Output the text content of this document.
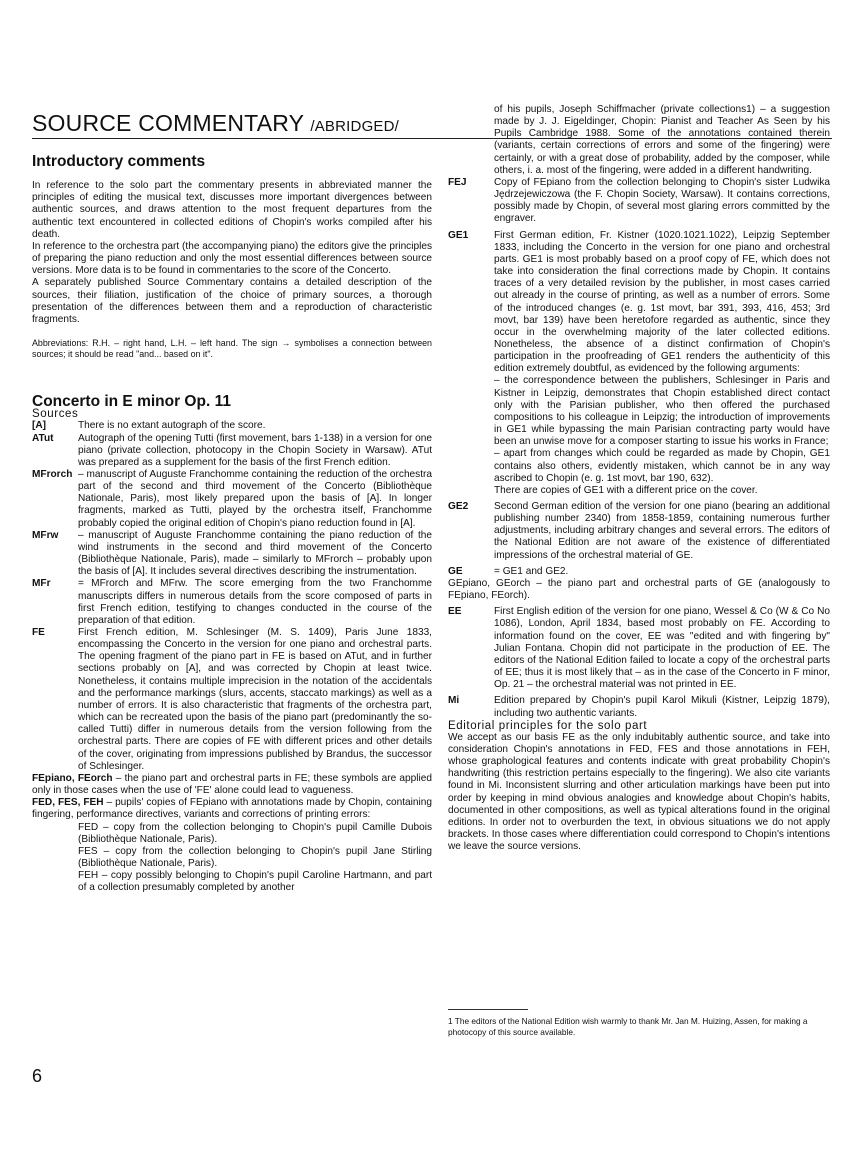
SOURCE COMMENTARY /ABRIDGED/
Introductory comments

In reference to the solo part the commentary presents in abbreviated manner the principles of editing the musical text, discusses more important divergences between authentic sources, and draws attention to the most frequent departures from the authentic text encountered in collected editions of Chopin's works compiled after his death.

In reference to the orchestra part (the accompanying piano) the editors give the principles of preparing the piano reduction and only the most essential differences between source versions. More data is to be found in commentaries to the score of the Concerto.

A separately published Source Commentary contains a detailed description of the sources, their filiation, justification of the choice of primary sources, a thorough presentation of the differences between them and a reproduction of characteristic fragments.

Abbreviations: R.H. – right hand, L.H. – left hand. The sign → symbolises a connection between sources; it should be read "and... based on it".

Concerto in E minor Op. 11

Sources

[A]	There is no extant autograph of the score.
ATut	Autograph of the opening Tutti (first movement, bars 1-138) in a version for one piano (private collection, photocopy in the Chopin Society in Warsaw). ATut was prepared as a supplement for the basis of the first French edition.
MFrorch – manuscript of Auguste Franchomme containing the reduction of the orchestra part of the second and third movement of the Concerto (Bibliothèque Nationale, Paris), most likely prepared upon the basis of [A]. In longer fragments, marked as Tutti, played by the orchestra itself, Franchomme probably copied the original edition of Chopin's piano reduction found in [A].
MFrw	– manuscript of Auguste Franchomme containing the piano reduction of the wind instruments in the second and third movement of the Concerto (Bibliothèque Nationale, Paris), made – similarly to MFrorch – probably upon the basis of [A]. It includes several directives describing the instrumentation.
MFr	= MFrorch and MFrw. The score emerging from the two Franchomme manuscripts differs in numerous details from the score composed of parts in first French edition, testifying to changes conducted in the course of the preparation of that edition.
FE	First French edition, M. Schlesinger (M. S. 1409), Paris June 1833, encompassing the Concerto in the version for one piano and orchestral parts. The opening fragment of the piano part in FE is based on ATut, and in further sections probably on [A], and was corrected by Chopin at least twice. Nonetheless, it contains multiple imprecision in the notation of the accidentals and the performance markings (slurs, accents, staccato markings) as well as a number of errors. It is also characteristic that fragments of the orchestra part, which can be recreated upon the basis of the piano part (predominantly the so-called Tutti) differ in numerous details from the version following from the orchestral parts. There are copies of FE with different prices and other details of the cover, originating from impressions published by Brandus, the successor of Schlesinger.

FEpiano, FEorch – the piano part and orchestral parts in FE; these symbols are applied only in those cases when the use of 'FE' alone could lead to vagueness.

FED, FES, FEH – pupils' copies of FEpiano with annotations made by Chopin, containing fingering, performance directives, variants and corrections of printing errors:

FED – copy from the collection belonging to Chopin's pupil Camille Dubois (Bibliothèque Nationale, Paris).

FES – copy from the collection belonging to Chopin's pupil Jane Stirling (Bibliothèque Nationale, Paris).

FEH – copy possibly belonging to Chopin's pupil Caroline Hartmann, and part of a collection presumably completed by another

of his pupils, Joseph Schiffmacher (private collections1) – a suggestion made by J. J. Eigeldinger, Chopin: Pianist and Teacher As Seen by his Pupils Cambridge 1988. Some of the annotations contained therein (variants, certain corrections of errors and some of the fingering) were certainly, or with a great dose of probability, added by the composer, while others, i. a. most of the fingering, were added in a different handwriting.

FEJ	Copy of FEpiano from the collection belonging to Chopin's sister Ludwika Jędrzejewiczowa (the F. Chopin Society, Warsaw). It contains corrections, possibly made by Chopin, of several most glaring errors committed by the engraver.
GE1	First German edition, Fr. Kistner (1020.1021.1022), Leipzig September 1833, including the Concerto in the version for one piano and orchestral parts. GE1 is most probably based on a proof copy of FE, which does not take into consideration the final corrections made by Chopin. It contains traces of a very detailed revision by the publisher, in most cases carried out already in the course of printing, as well as a number of errors. Some of the introduced changes (e. g. 1st movt, bar 391, 393, 416, 453; 3rd movt, bar 139) have been heretofore regarded as authentic, since they occur in the overwhelming majority of the later collected editions. Nonetheless, the absence of a distinct confirmation of Chopin's participation in the proofreading of GE1 renders the authenticity of this edition extremely doubtful, as evidenced by the following arguments:

– the correspondence between the publishers, Schlesinger in Paris and Kistner in Leipzig, demonstrates that Chopin established direct contact only with the Parisian publisher, who then offered the purchased compositions to his colleague in Leipzig; the introduction of improvements in GE1 while bypassing the main Parisian contracting party would have been an unwise move for a composer starting to issue his works in France;

– apart from changes which could be regarded as made by Chopin, GE1 contains also others, evidently mistaken, which cannot be in any way ascribed to Chopin (e. g. 1st movt, bar 190, 632).

There are copies of GE1 with a different price on the cover.

GE2	Second German edition of the version for one piano (bearing an additional publishing number 2340) from 1858-1859, containing numerous further adjustments, including arbitrary changes and several errors. The editors of the National Edition are not aware of the existence of differentiated impressions of the orchestral material of GE.
GE	= GE1 and GE2.

GEpiano, GEorch – the piano part and orchestral parts of GE (analogously to FEpiano, FEorch).

EE	First English edition of the version for one piano, Wessel & Co (W & Co No 1086), London, April 1834, based most probably on FE. According to information found on the cover, EE was "edited and with fingering by" Julian Fontana. Chopin did not participate in the production of EE. The editors of the National Edition failed to locate a copy of the orchestral parts of EE; thus it is most likely that – as in the case of the Concerto in F minor, Op. 21 – the orchestral material was not printed in EE.
Mi	Edition prepared by Chopin's pupil Karol Mikuli (Kistner, Leipzig 1879), including two authentic variants.

Editorial principles for the solo part

We accept as our basis FE as the only indubitably authentic source, and take into consideration Chopin's annotations in FED, FES and those annotations in FEH, whose graphological features and contents indicate with great probability Chopin's handwriting (this restriction pertains especially to the fingering). We also cite variants found in Mi. Inconsistent slurring and other articulation markings have been put into order by keeping in mind obvious analogies and knowledge about Chopin's habits, documented in other compositions, as well as typical alterations found in the original editions. In order not to overburden the text, in obvious situations we do not apply brackets. In those cases where differentiation could correspond to Chopin's intentions we leave the source versions.

1 The editors of the National Edition wish warmly to thank Mr. Jan M. Huizing, Assen, for making a photocopy of this source available.

6
